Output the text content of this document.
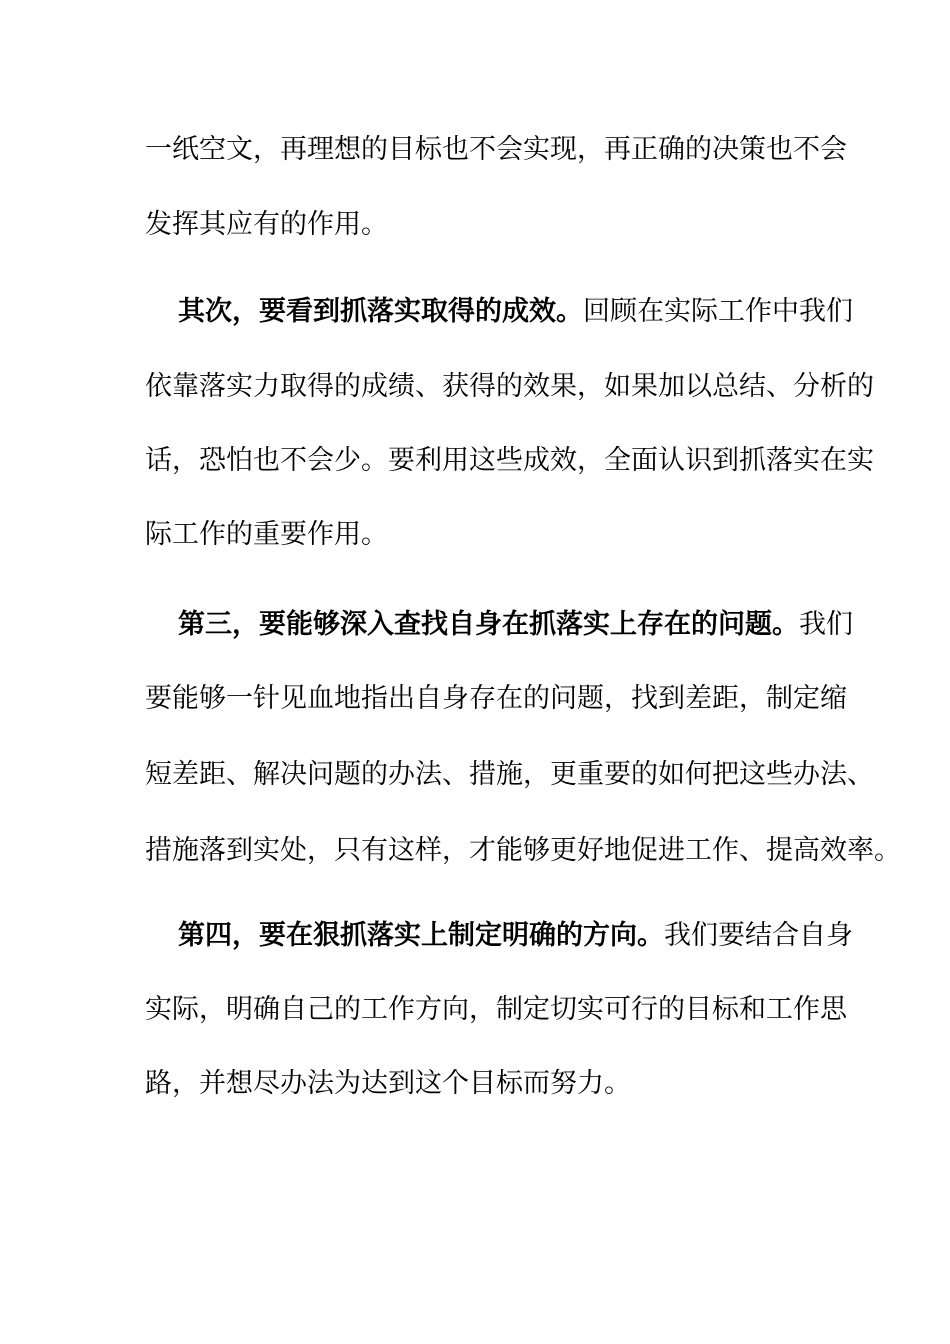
一纸空文，再理想的目标也不会实现，再正确的决策也不会
发挥其应有的作用。
其次，要看到抓落实取得的成效。回顾在实际工作中我们
依靠落实力取得的成绩、获得的效果，如果加以总结、分析的
话，恐怕也不会少。要利用这些成效，全面认识到抓落实在实
际工作的重要作用。
第三，要能够深入查找自身在抓落实上存在的问题。我们
要能够一针见血地指出自身存在的问题，找到差距，制定缩
短差距、解决问题的办法、措施，更重要的如何把这些办法、
措施落到实处，只有这样，才能够更好地促进工作、提高效率。
第四，要在狠抓落实上制定明确的方向。我们要结合自身
实际，明确自己的工作方向，制定切实可行的目标和工作思
路，并想尽办法为达到这个目标而努力。
